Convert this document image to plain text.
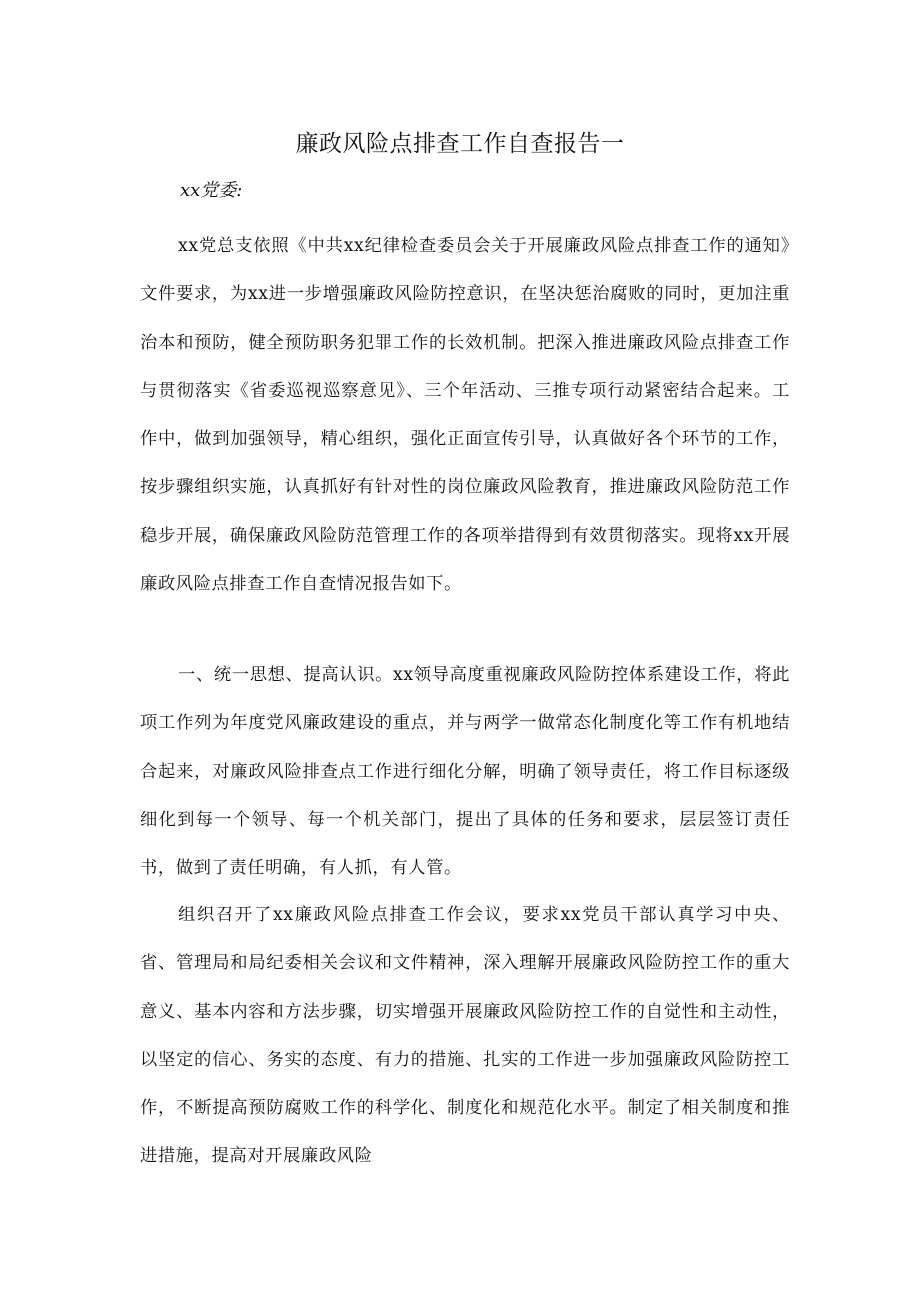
廉政风险点排查工作自查报告一

xx党委:

xx党总支依照《中共xx纪律检查委员会关于开展廉政风险点排查工作的通知》文件要求，为xx进一步增强廉政风险防控意识，在坚决惩治腐败的同时，更加注重治本和预防，健全预防职务犯罪工作的长效机制。把深入推进廉政风险点排查工作与贯彻落实《省委巡视巡察意见》、三个年活动、三推专项行动紧密结合起来。工作中，做到加强领导，精心组织，强化正面宣传引导，认真做好各个环节的工作，按步骤组织实施，认真抓好有针对性的岗位廉政风险教育，推进廉政风险防范工作稳步开展，确保廉政风险防范管理工作的各项举措得到有效贯彻落实。现将xx开展廉政风险点排查工作自查情况报告如下。

一、统一思想、提高认识。xx领导高度重视廉政风险防控体系建设工作，将此项工作列为年度党风廉政建设的重点，并与两学一做常态化制度化等工作有机地结合起来，对廉政风险排查点工作进行细化分解，明确了领导责任，将工作目标逐级细化到每一个领导、每一个机关部门，提出了具体的任务和要求，层层签订责任书，做到了责任明确，有人抓，有人管。

组织召开了xx廉政风险点排查工作会议，要求xx党员干部认真学习中央、省、管理局和局纪委相关会议和文件精神，深入理解开展廉政风险防控工作的重大意义、基本内容和方法步骤，切实增强开展廉政风险防控工作的自觉性和主动性，以坚定的信心、务实的态度、有力的措施、扎实的工作进一步加强廉政风险防控工作，不断提高预防腐败工作的科学化、制度化和规范化水平。制定了相关制度和推进措施，提高对开展廉政风险
